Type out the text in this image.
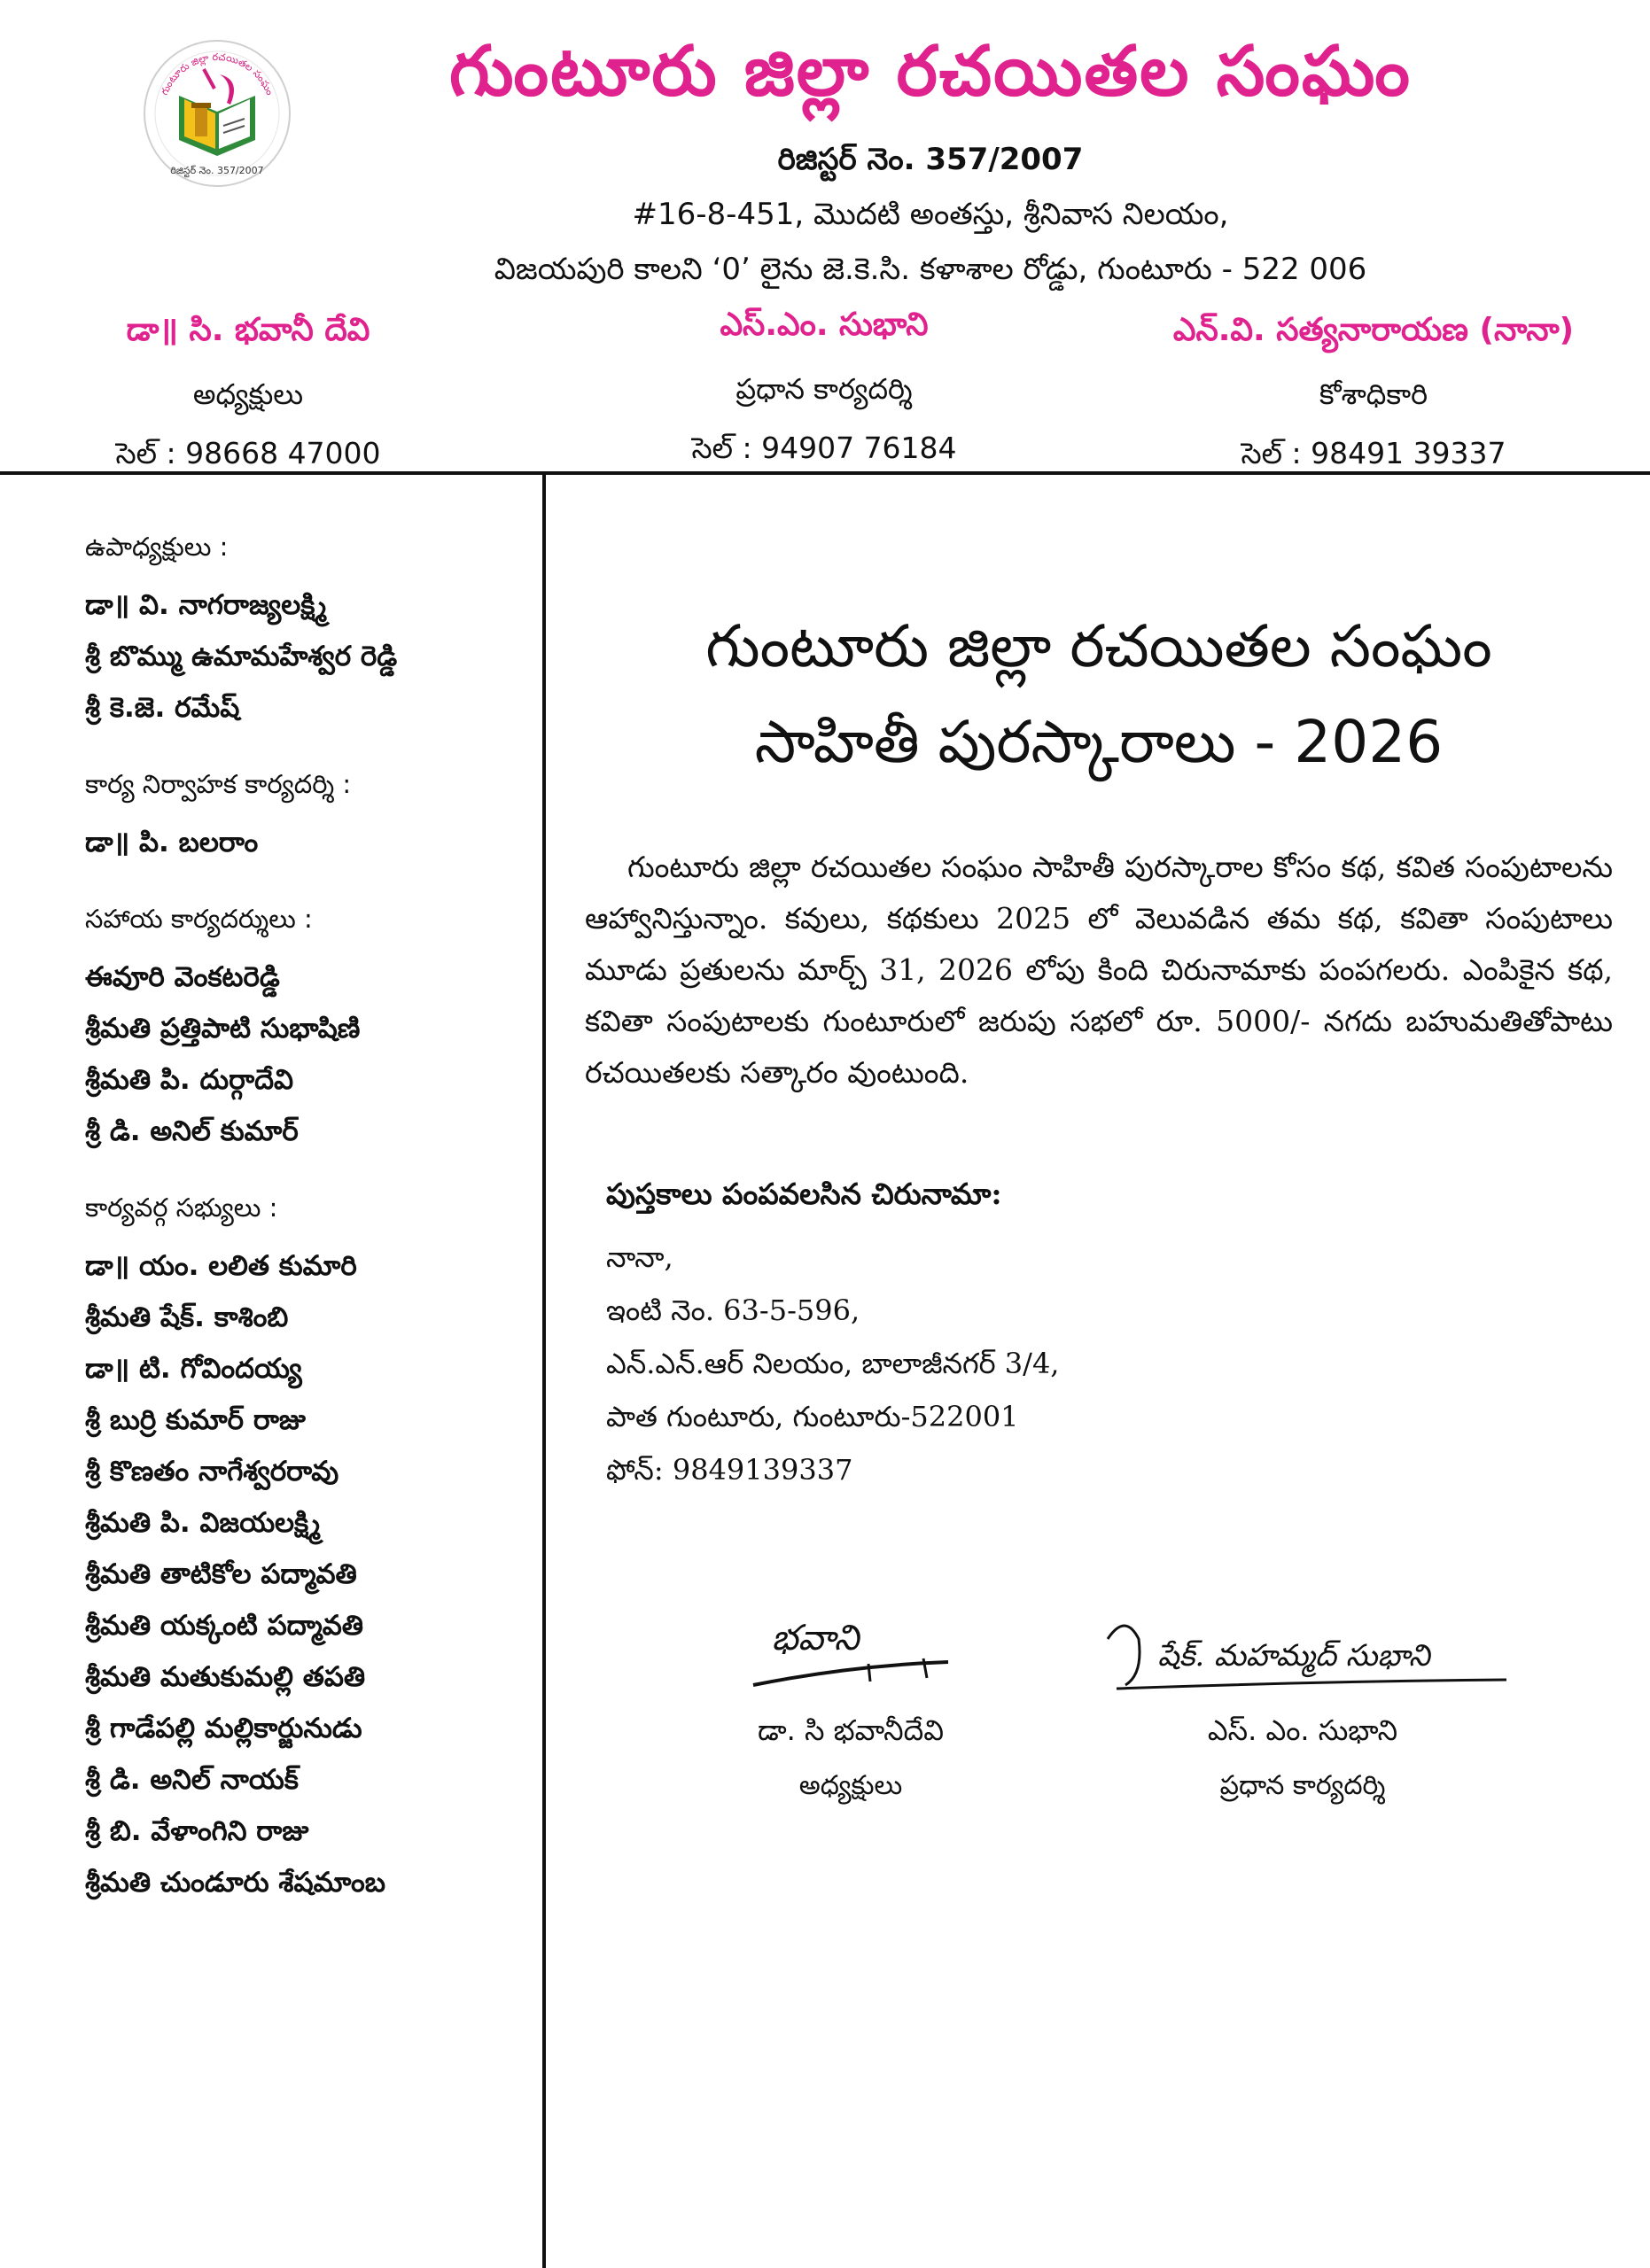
గుంటూరు జిల్లా రచయితల సంఘం
రిజిస్టర్ నెం. 357/2007
గుంటూరు జిల్లా రచయితల సంఘం
రిజిస్టర్ నెం. 357/2007
#16-8-451, మొదటి అంతస్తు, శ్రీనివాస నిలయం,
విజయపురి కాలని ‘0’ లైను జె.కె.సి. కళాశాల రోడ్డు, గుంటూరు - 522 006
డా॥ సి. భవానీ దేవి
అధ్యక్షులు
సెల్ : 98668 47000
ఎస్.ఎం. సుభాని
ప్రధాన కార్యదర్శి
సెల్ : 94907 76184
ఎన్.వి. సత్యనారాయణ (నానా)
కోశాధికారి
సెల్ : 98491 39337
ఉపాధ్యక్షులు :
డా॥ వి. నాగరాజ్యలక్ష్మి
శ్రీ బొమ్ము ఉమామహేశ్వర రెడ్డి
శ్రీ కె.జె. రమేష్
కార్య నిర్వాహక కార్యదర్శి :
డా॥ పి. బలరాం
సహాయ కార్యదర్శులు :
ఈవూరి వెంకటరెడ్డి
శ్రీమతి ప్రత్తిపాటి సుభాషిణి
శ్రీమతి పి. దుర్గాదేవి
శ్రీ డి. అనిల్ కుమార్
కార్యవర్గ సభ్యులు :
డా॥ యం. లలిత కుమారి
శ్రీమతి షేక్. కాశింబి
డా॥ టి. గోవిందయ్య
శ్రీ బుర్రి కుమార్ రాజు
శ్రీ కొణతం నాగేశ్వరరావు
శ్రీమతి పి. విజయలక్ష్మి
శ్రీమతి తాటికోల పద్మావతి
శ్రీమతి యక్కంటి పద్మావతి
శ్రీమతి మతుకుమల్లి తపతి
శ్రీ గాడేపల్లి మల్లికార్జునుడు
శ్రీ డి. అనిల్ నాయక్
శ్రీ బి. వేళాంగిని రాజు
శ్రీమతి చుండూరు శేషమాంబ
గుంటూరు జిల్లా రచయితల సంఘం
సాహితీ పురస్కారాలు - 2026
గుంటూరు జిల్లా రచయితల సంఘం సాహితీ పురస్కారాల కోసం కథ, కవిత సంపుటాలను ఆహ్వానిస్తున్నాం. కవులు, కథకులు 2025 లో వెలువడిన తమ కథ, కవితా సంపుటాలు మూడు ప్రతులను మార్చ్ 31, 2026 లోపు కింది చిరునామాకు పంపగలరు. ఎంపికైన కథ, కవితా సంపుటాలకు గుంటూరులో జరుపు సభలో రూ. 5000/- నగదు బహుమతితోపాటు రచయితలకు సత్కారం వుంటుంది.
పుస్తకాలు పంపవలసిన చిరునామా:
నానా,
ఇంటి నెం. 63-5-596,
ఎన్.ఎన్.ఆర్ నిలయం, బాలాజీనగర్ 3/4,
పాత గుంటూరు, గుంటూరు-522001
ఫోన్: 9849139337
భవాని
డా. సి భవానీదేవి
అధ్యక్షులు
షేక్. మహమ్మద్ సుభాని
ఎస్. ఎం. సుభాని
ప్రధాన కార్యదర్శి
